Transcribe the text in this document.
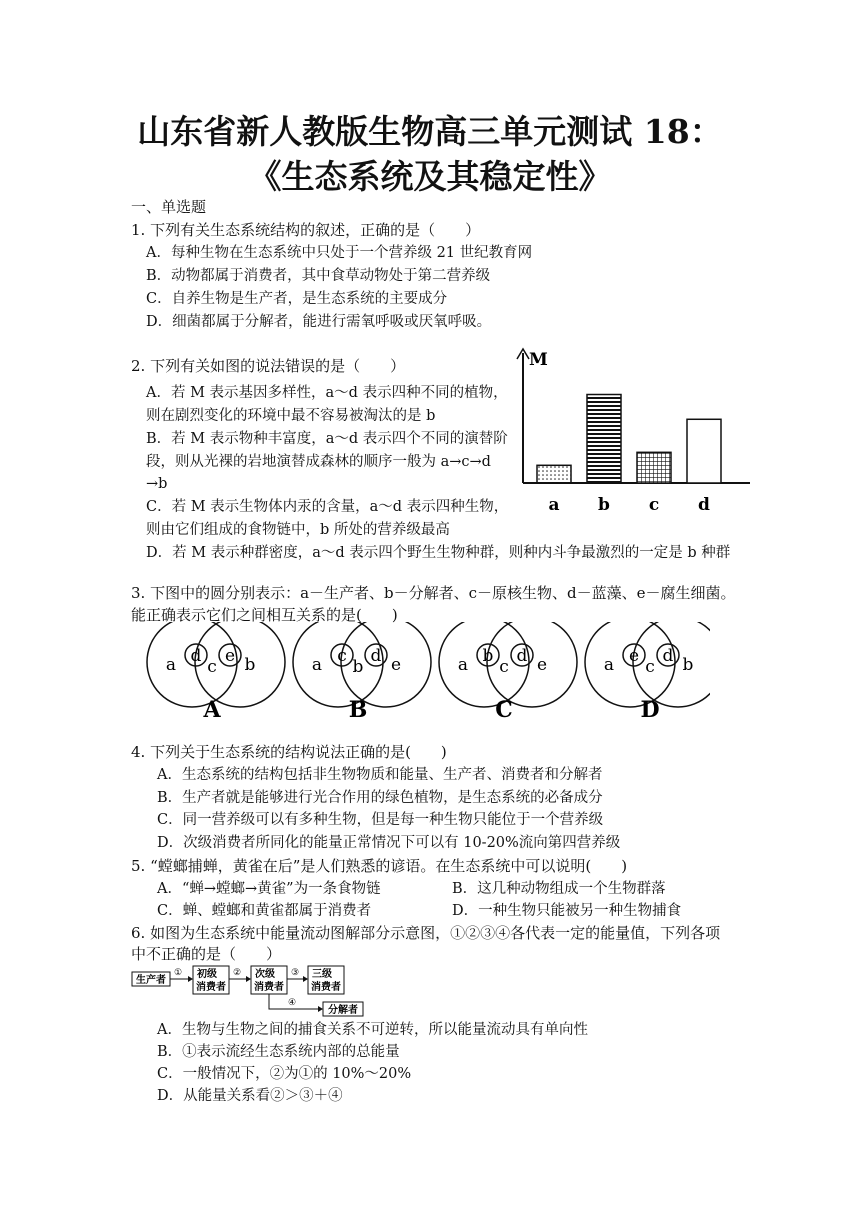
山东省新人教版生物高三单元测试 18：
《生态系统及其稳定性》
一、单选题
1. 下列有关生态系统结构的叙述，正确的是（　　）
A．每种生物在生态系统中只处于一个营养级 21 世纪教育网
B．动物都属于消费者，其中食草动物处于第二营养级
C．自养生物是生产者，是生态系统的主要成分
D．细菌都属于分解者，能进行需氧呼吸或厌氧呼吸。
2. 下列有关如图的说法错误的是（　　）
A．若 M 表示基因多样性，a～d 表示四种不同的植物，
则在剧烈变化的环境中最不容易被淘汰的是 b
B．若 M 表示物种丰富度，a～d 表示四个不同的演替阶
段，则从光裸的岩地演替成森林的顺序一般为 a→c→d
→b
C．若 M 表示生物体内汞的含量，a～d 表示四种生物，
则由它们组成的食物链中，b 所处的营养级最高
D．若 M 表示种群密度，a～d 表示四个野生生物种群，则种内斗争最激烈的一定是 b 种群
M
a b c d
3. 下图中的圆分别表示：a－生产者、b－分解者、c－原核生物、d－蓝藻、e－腐生细菌。
能正确表示它们之间相互关系的是(　　)
a d
c
e b
A
a c
b
d e
B
a b
c
d e
C
a e
c
d b
D
4. 下列关于生态系统的结构说法正确的是(　　)
A．生态系统的结构包括非生物物质和能量、生产者、消费者和分解者
B．生产者就是能够进行光合作用的绿色植物，是生态系统的必备成分
C．同一营养级可以有多种生物，但是每一种生物只能位于一个营养级
D．次级消费者所同化的能量正常情况下可以有 10-20%流向第四营养级
5. “螳螂捕蝉，黄雀在后”是人们熟悉的谚语。在生态系统中可以说明(　　)
A．“蝉→螳螂→黄雀”为一条食物链	B．这几种动物组成一个生物群落
C．蝉、螳螂和黄雀都属于消费者	D．一种生物只能被另一种生物捕食
6. 如图为生态系统中能量流动图解部分示意图，①②③④各代表一定的能量值，下列各项
中不正确的是（　　）
生产者
① 初级
消费者
② 次级
消费者
③ 三级
消费者
④
分解者
A．生物与生物之间的捕食关系不可逆转，所以能量流动具有单向性
B．①表示流经生态系统内部的总能量
C．一般情况下，②为①的 10%～20%
D．从能量关系看②＞③＋④
